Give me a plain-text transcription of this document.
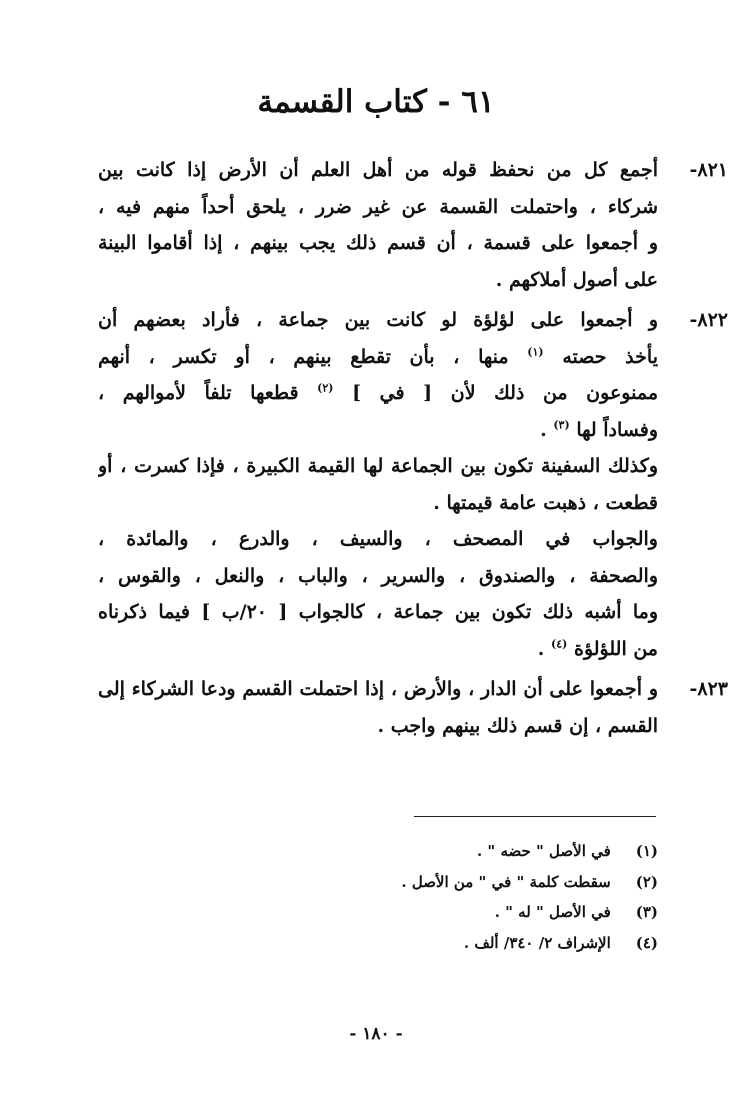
٦١ - كتاب القسمة
٨٢١-
أجمع كل من نحفظ قوله من أهل العلم أن الأرض إذا كانت بين
شركاء ، واحتملت القسمة عن غير ضرر ، يلحق أحداً منهم فيه ،
و أجمعوا على قسمة ، أن قسم ذلك يجب بينهم ، إذا أقاموا البينة
على أصول أملاكهم .
٨٢٢-
و أجمعوا على لؤلؤة لو كانت بين جماعة ، فأراد بعضهم أن
يأخذ حصته $^{(١)}$ منها ، بأن تقطع بينهم ، أو تكسر ، أنهم
ممنوعون من ذلك لأن [ في ] $^{(٢)}$ قطعها تلفاً لأموالهم ،
وفساداً لها $^{(٣)}$ .
وكذلك السفينة تكون بين الجماعة لها القيمة الكبيرة ، فإذا كسرت ، أو
قطعت ، ذهبت عامة قيمتها .
والجواب في المصحف ، والسيف ، والدرع ، والمائدة ،
والصحفة ، والصندوق ، والسرير ، والباب ، والنعل ، والقوس ،
وما أشبه ذلك تكون بين جماعة ، كالجواب [ ٢٠/ب ] فيما ذكرناه
من اللؤلؤة $^{(٤)}$ .
٨٢٣-
و أجمعوا على أن الدار ، والأرض ، إذا احتملت القسم ودعا الشركاء إلى
القسم ، إن قسم ذلك بينهم واجب .
(١) في الأصل " حضه " .
(٢) سقطت كلمة " في " من الأصل .
(٣) في الأصل " له " .
(٤) الإشراف ٢/ ٣٤٠/ ألف .
- ١٨٠ -
